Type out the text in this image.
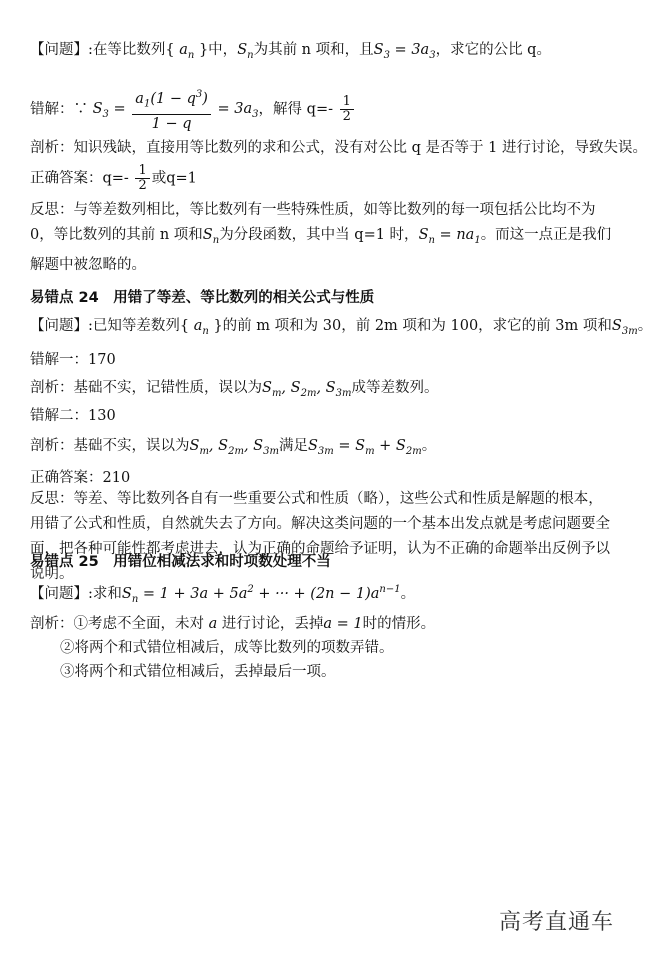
【问题】:在等比数列{ $a_n$ }中，$S_n$为其前 n 项和，且$S_3 = 3a_3$，求它的公比 q。
错解：∵ $S_3 = \frac{a_1(1 - q^3)}{1 - q} = 3a_3$，解得 $q=- \frac{1}{2}$
剖析：知识残缺，直接用等比数列的求和公式，没有对公比 q 是否等于 1 进行讨论，导致失误。
正确答案：$q=- \frac{1}{2}$ 或q=1
反思：与等差数列相比，等比数列有一些特殊性质，如等比数列的每一项包括公比均不为 0，等比数列的其前 n 项和$S_n$为分段函数，其中当 q=1 时，$S_n = na_1$。而这一点正是我们解题中被忽略的。
易错点 24　用错了等差、等比数列的相关公式与性质
【问题】:已知等差数列{ $a_n$ }的前 m 项和为 30，前 2m 项和为 100，求它的前 3m 项和$S_{3m}$。
错解一：170
剖析：基础不实，记错性质，误以为$S_m$, $S_{2m}$, $S_{3m}$成等差数列。
错解二：130
剖析：基础不实，误以为$S_m$, $S_{2m}$, $S_{3m}$满足$S_{3m} = S_m + S_{2m}$。
正确答案：210
反思：等差、等比数列各自有一些重要公式和性质（略），这些公式和性质是解题的根本，用错了公式和性质，自然就失去了方向。解决这类问题的一个基本出发点就是考虑问题要全面，把各种可能性都考虑进去，认为正确的命题给予证明，认为不正确的命题举出反例予以说明。
易错点 25　用错位相减法求和时项数处理不当
【问题】:求和$S_n = 1 + 3a + 5a^2$ + ··· + $(2n - 1)a^{n-1}$。
剖析：①考虑不全面，未对 a 进行讨论，丢掉a = 1时的情形。
②将两个和式错位相减后，成等比数列的项数弄错。
③将两个和式错位相减后，丢掉最后一项。
高考直通车
